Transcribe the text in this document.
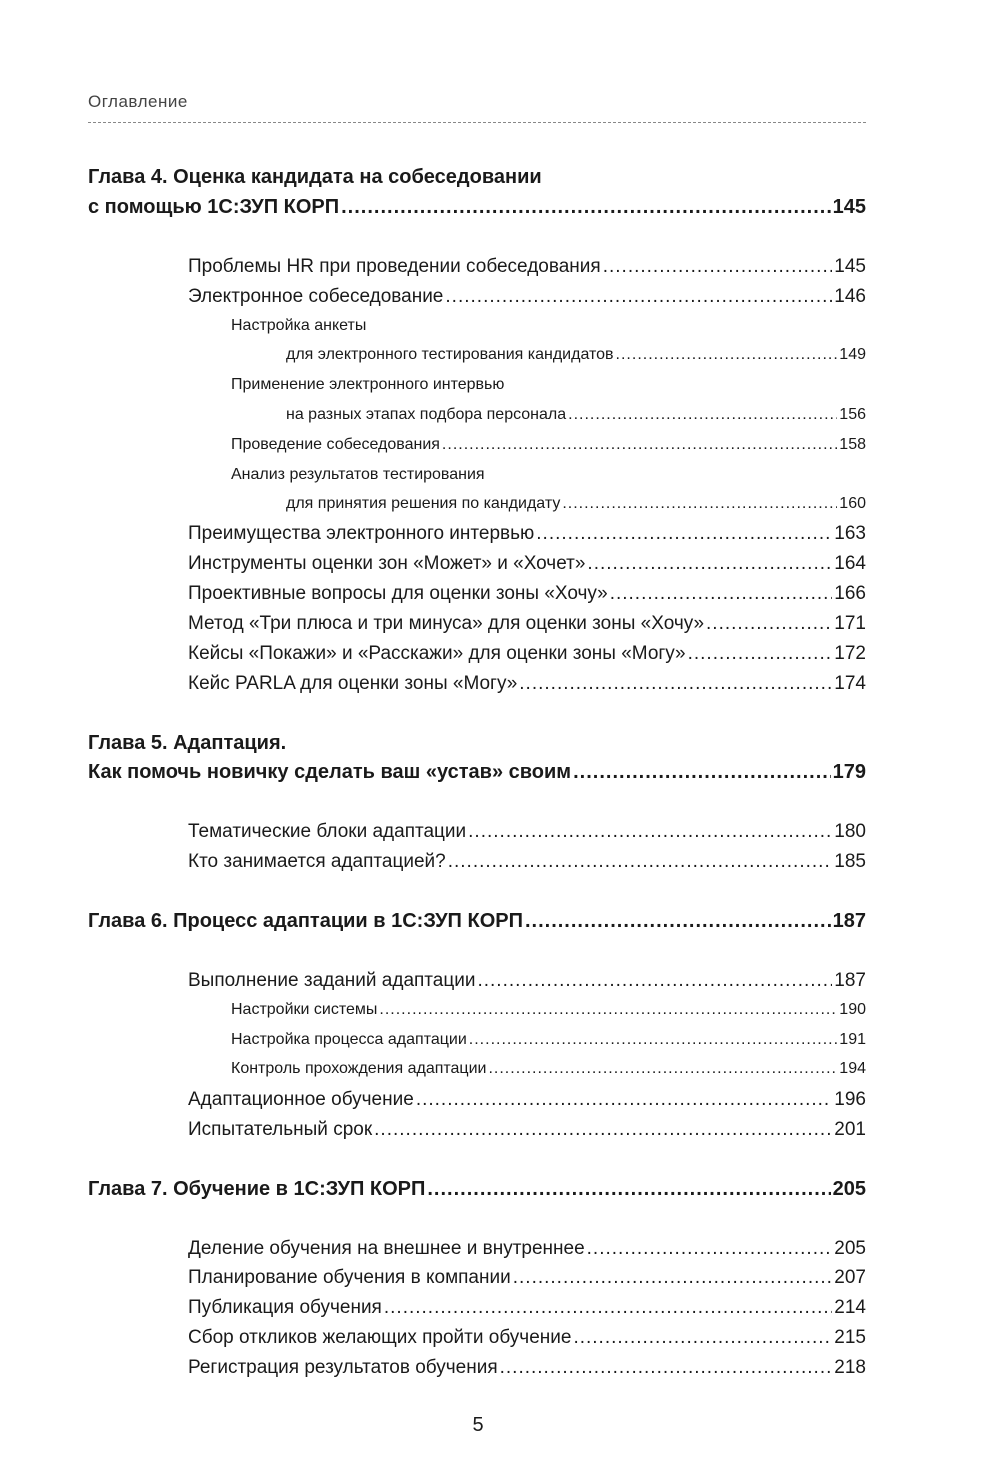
Оглавление
Глава 4. Оценка кандидата на собеседовании
с помощью 1С:ЗУП КОРП .....	145
Проблемы HR при проведении собеседования .....	145
Электронное собеседование .....	146
Настройка анкеты
для электронного тестирования кандидатов .....	149
Применение электронного интервью
на разных этапах подбора персонала .....	156
Проведение собеседования .....	158
Анализ результатов тестирования
для принятия решения по кандидату .....	160
Преимущества электронного интервью .....	163
Инструменты оценки зон «Может» и «Хочет» .....	164
Проективные вопросы для оценки зоны «Хочу» .....	166
Метод «Три плюса и три минуса» для оценки зоны «Хочу» .....	171
Кейсы «Покажи» и «Расскажи» для оценки зоны «Могу» .....	172
Кейс PARLA для оценки зоны «Могу» .....	174
Глава 5. Адаптация.
Как помочь новичку сделать ваш «устав» своим .....	179
Тематические блоки адаптации .....	180
Кто занимается адаптацией? .....	185
Глава 6. Процесс адаптации в 1С:ЗУП КОРП .....	187
Выполнение заданий адаптации .....	187
Настройки системы .....	190
Настройка процесса адаптации .....	191
Контроль прохождения адаптации .....	194
Адаптационное обучение .....	196
Испытательный срок .....	201
Глава 7. Обучение в 1С:ЗУП КОРП .....	205
Деление обучения на внешнее и внутреннее .....	205
Планирование обучения в компании .....	207
Публикация обучения .....	214
Сбор откликов желающих пройти обучение .....	215
Регистрация результатов обучения .....	218
5
